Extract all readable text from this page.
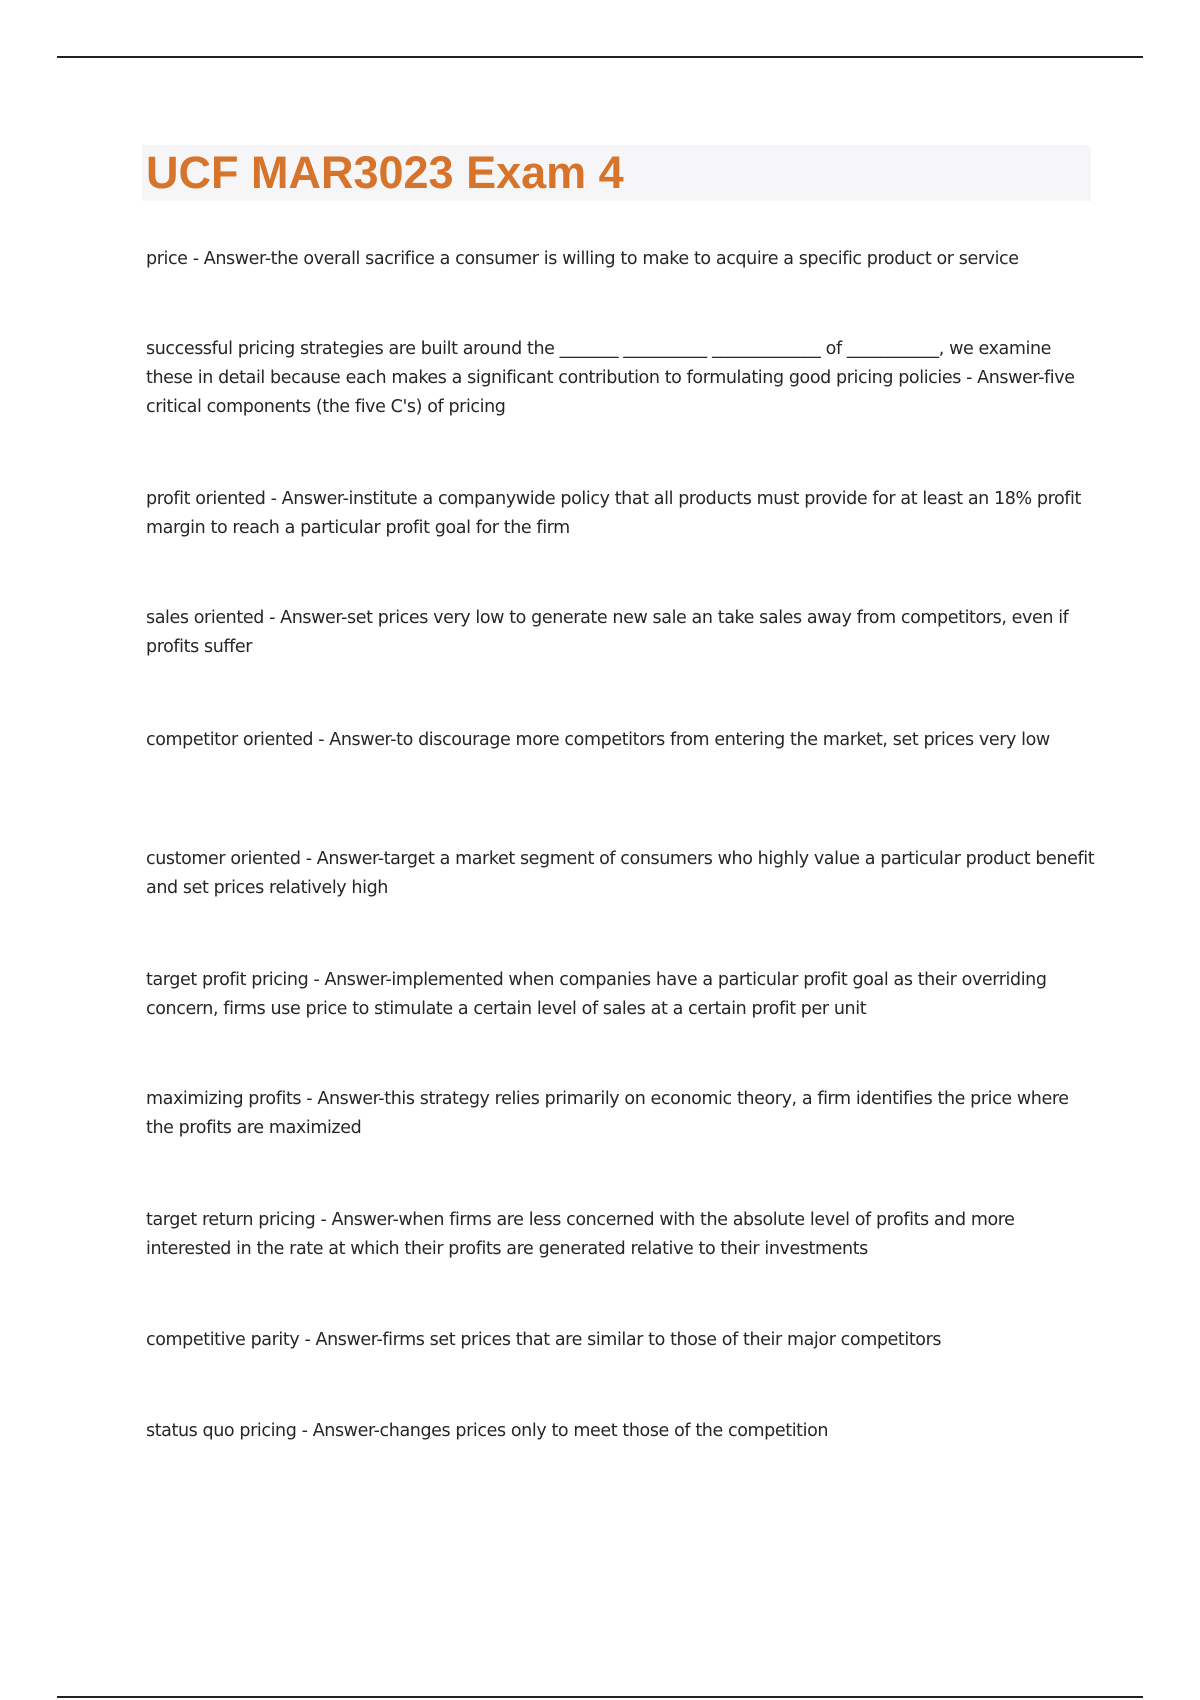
UCF MAR3023 Exam 4
price - Answer-the overall sacrifice a consumer is willing to make to acquire a specific product or service
successful pricing strategies are built around the _______ __________ _____________ of ___________, we examine these in detail because each makes a significant contribution to formulating good pricing policies - Answer-five critical components (the five C's) of pricing
profit oriented - Answer-institute a companywide policy that all products must provide for at least an 18% profit margin to reach a particular profit goal for the firm
sales oriented - Answer-set prices very low to generate new sale an take sales away from competitors, even if profits suffer
competitor oriented - Answer-to discourage more competitors from entering the market, set prices very low
customer oriented - Answer-target a market segment of consumers who highly value a particular product benefit and set prices relatively high
target profit pricing - Answer-implemented when companies have a particular profit goal as their overriding concern, firms use price to stimulate a certain level of sales at a certain profit per unit
maximizing profits - Answer-this strategy relies primarily on economic theory, a firm identifies the price where the profits are maximized
target return pricing - Answer-when firms are less concerned with the absolute level of profits and more interested in the rate at which their profits are generated relative to their investments
competitive parity - Answer-firms set prices that are similar to those of their major competitors
status quo pricing - Answer-changes prices only to meet those of the competition
